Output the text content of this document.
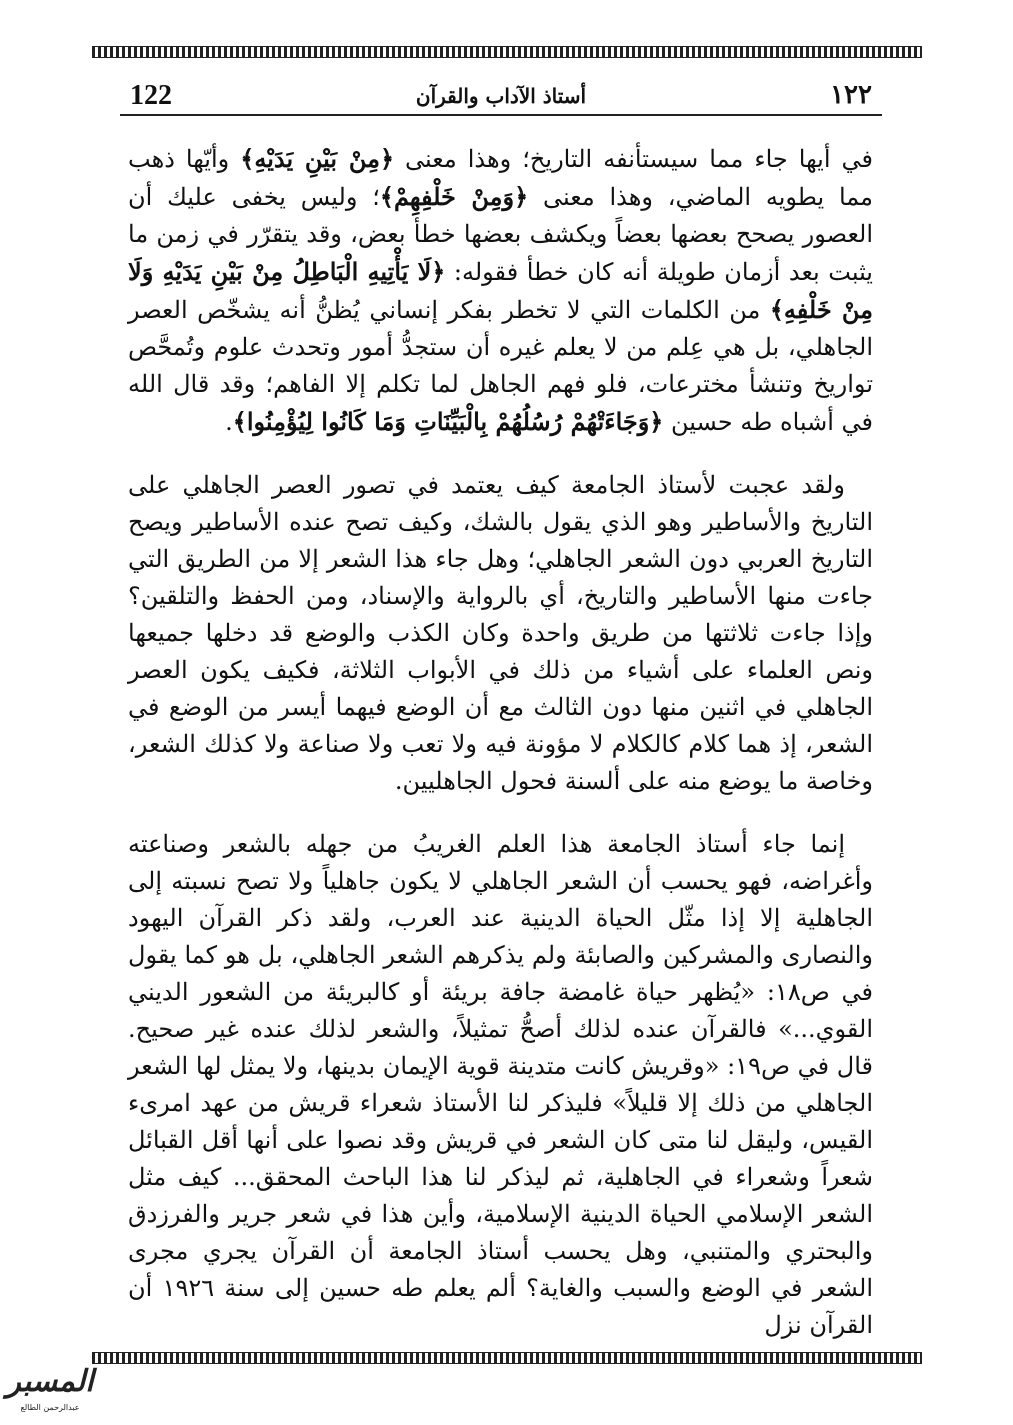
122	أستاذ الآداب والقرآن	١٢٢

في أيها جاء مما سيستأنفه التاريخ؛ وهذا معنى ﴿مِنْ بَيْنِ يَدَيْهِ﴾ وأيّها ذهب مما يطويه الماضي، وهذا معنى ﴿وَمِنْ خَلْفِهِمْ﴾؛ وليس يخفى عليك أن العصور يصحح بعضها بعضاً ويكشف بعضها خطأ بعض، وقد يتقرّر في زمن ما يثبت بعد أزمان طويلة أنه كان خطأ فقوله: ﴿لَا يَأْتِيهِ الْبَاطِلُ مِنْ بَيْنِ يَدَيْهِ وَلَا مِنْ خَلْفِهِ﴾ من الكلمات التي لا تخطر بفكر إنساني يُظنُّ أنه يشخّص العصر الجاهلي، بل هي عِلم من لا يعلم غيره أن ستجدُّ أمور وتحدث علوم وتُمحَّص تواريخ وتنشأ مخترعات، فلو فهم الجاهل لما تكلم إلا الفاهم؛ وقد قال الله في أشباه طه حسين ﴿وَجَاءَتْهُمْ رُسُلُهُمْ بِالْبَيِّنَاتِ وَمَا كَانُوا لِيُؤْمِنُوا﴾.

ولقد عجبت لأستاذ الجامعة كيف يعتمد في تصور العصر الجاهلي على التاريخ والأساطير وهو الذي يقول بالشك، وكيف تصح عنده الأساطير ويصح التاريخ العربي دون الشعر الجاهلي؛ وهل جاء هذا الشعر إلا من الطريق التي جاءت منها الأساطير والتاريخ، أي بالرواية والإسناد، ومن الحفظ والتلقين؟ وإذا جاءت ثلاثتها من طريق واحدة وكان الكذب والوضع قد دخلها جميعها ونص العلماء على أشياء من ذلك في الأبواب الثلاثة، فكيف يكون العصر الجاهلي في اثنين منها دون الثالث مع أن الوضع فيهما أيسر من الوضع في الشعر، إذ هما كلام كالكلام لا مؤونة فيه ولا تعب ولا صناعة ولا كذلك الشعر، وخاصة ما يوضع منه على ألسنة فحول الجاهليين.

إنما جاء أستاذ الجامعة هذا العلم الغريبُ من جهله بالشعر وصناعته وأغراضه، فهو يحسب أن الشعر الجاهلي لا يكون جاهلياً ولا تصح نسبته إلى الجاهلية إلا إذا مثّل الحياة الدينية عند العرب، ولقد ذكر القرآن اليهود والنصارى والمشركين والصابئة ولم يذكرهم الشعر الجاهلي، بل هو كما يقول في ص١٨: «يُظهر حياة غامضة جافة بريئة أو كالبريئة من الشعور الديني القوي...» فالقرآن عنده لذلك أصحُّ تمثيلاً، والشعر لذلك عنده غير صحيح. قال في ص١٩: «وقريش كانت متدينة قوية الإيمان بدينها، ولا يمثل لها الشعر الجاهلي من ذلك إلا قليلاً» فليذكر لنا الأستاذ شعراء قريش من عهد امرىء القيس، وليقل لنا متى كان الشعر في قريش وقد نصوا على أنها أقل القبائل شعراً وشعراء في الجاهلية، ثم ليذكر لنا هذا الباحث المحقق... كيف مثل الشعر الإسلامي الحياة الدينية الإسلامية، وأين هذا في شعر جرير والفرزدق والبحتري والمتنبي، وهل يحسب أستاذ الجامعة أن القرآن يجري مجرى الشعر في الوضع والسبب والغاية؟ ألم يعلم طه حسين إلى سنة ١٩٢٦ أن القرآن نزل

المسبر
عبدالرحمن الطالع
